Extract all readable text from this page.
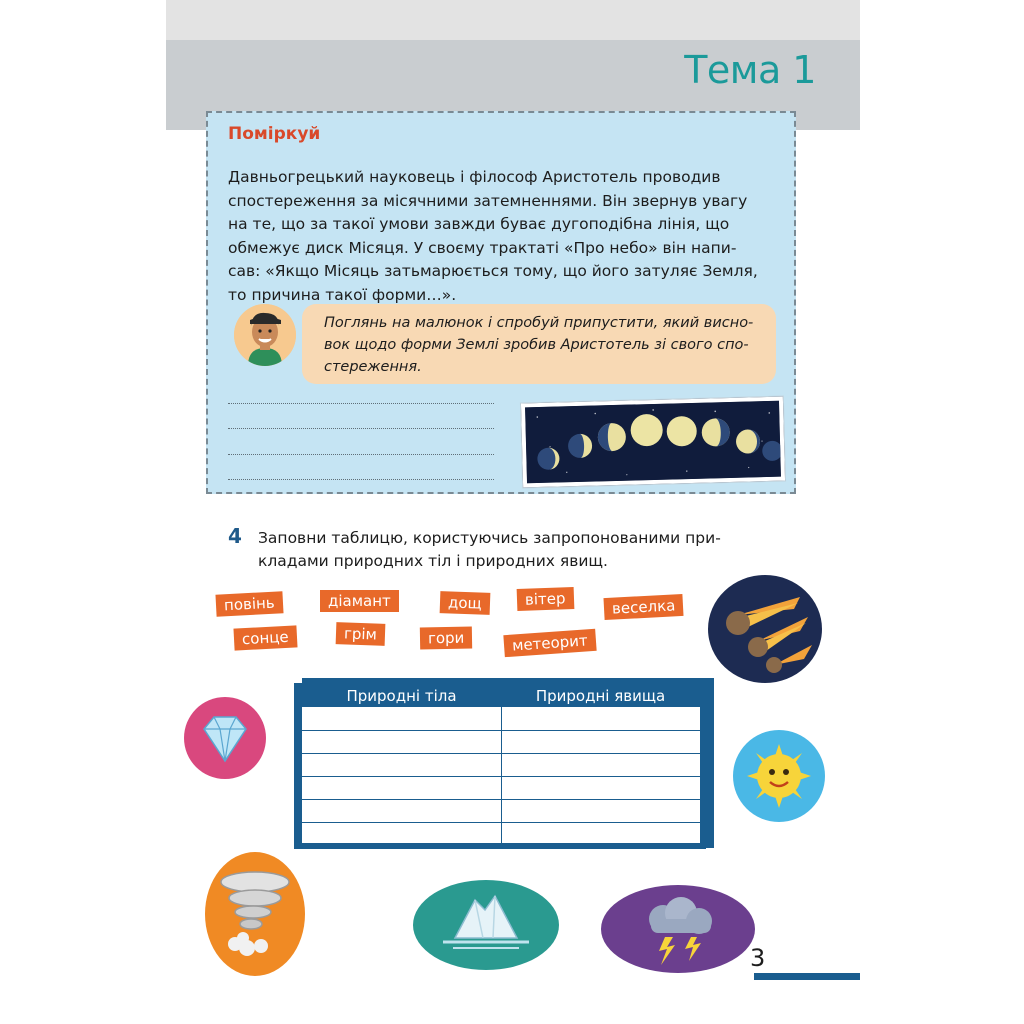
Тема 1
Поміркуй
Давньогрецький науковець і філософ Аристотель проводив
спостереження за місячними затемненнями. Він звернув увагу
на те, що за такої умови завжди буває дугоподібна лінія, що
обмежує диск Місяця. У своєму трактаті «Про небо» він напи-
сав: «Якщо Місяць затьмарюється тому, що його затуляє Земля,
то причина такої форми…».
Поглянь на малюнок і спробуй припустити, який висно-
вок щодо форми Землі зробив Аристотель зі свого спо-
стереження.
4 Заповни таблицю, користуючись запропонованими при-
кладами природних тіл і природних явищ.
повінь	діамант	дощ	вітер	веселка
сонце	грім	гори	метеорит
Природні тіла	Природні явища
3
